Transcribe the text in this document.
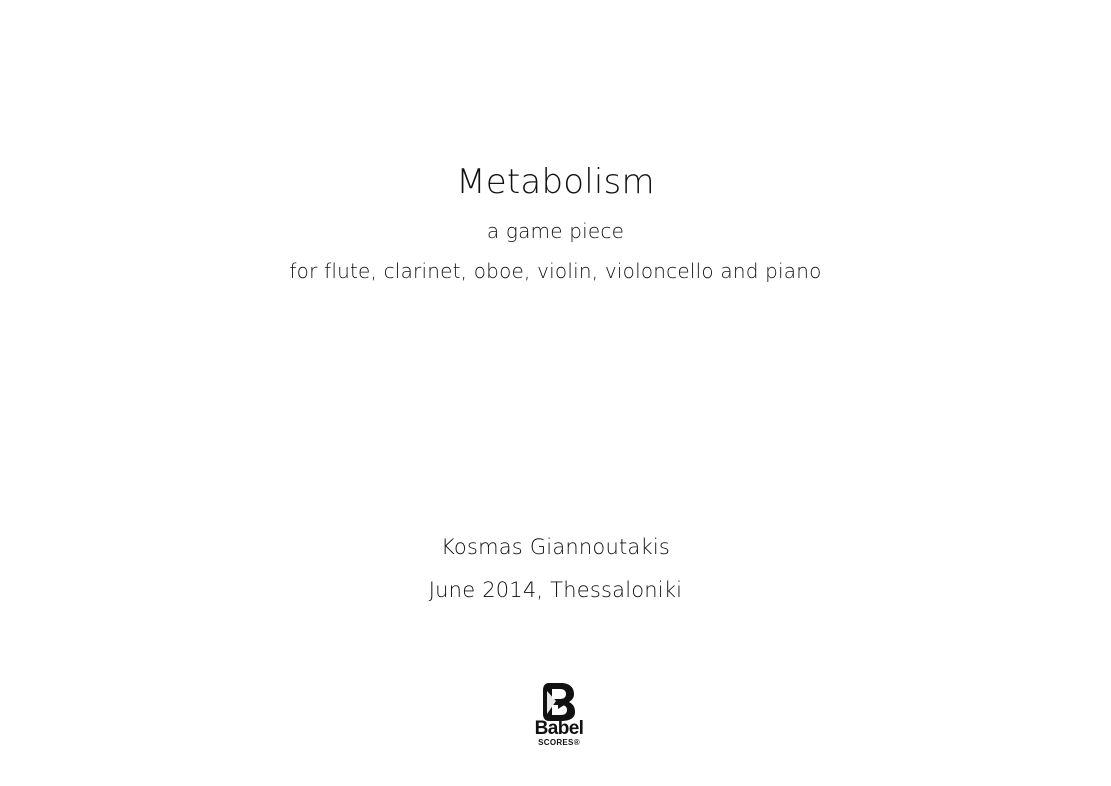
Metabolism
a game piece
for flute, clarinet, oboe, violin, violoncello and piano
Kosmas Giannoutakis
June 2014, Thessaloniki
Babel
SCORES®
